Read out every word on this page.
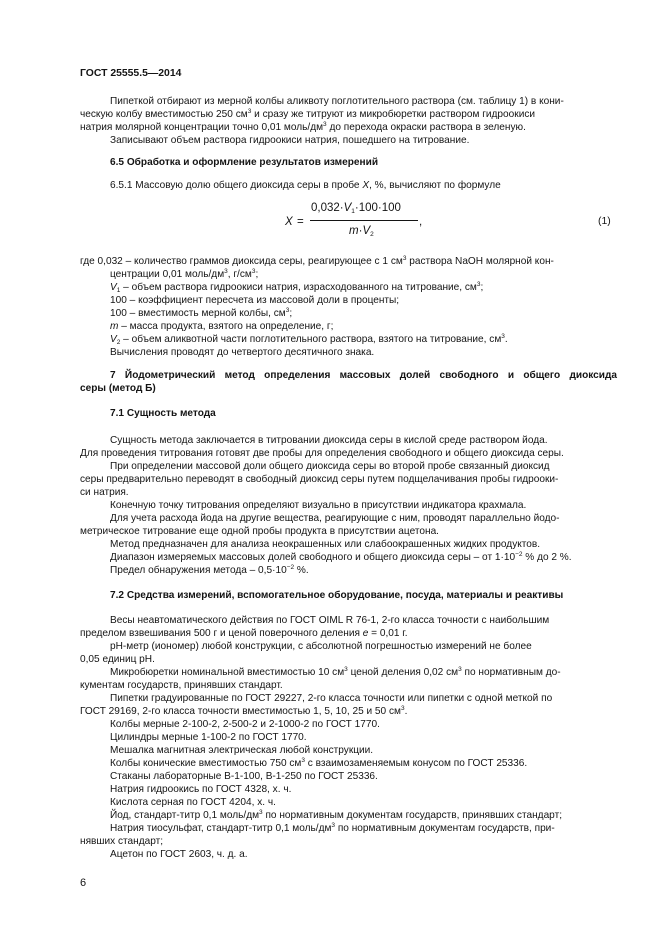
ГОСТ 25555.5—2014
Пипеткой отбирают из мерной колбы аликвоту поглотительного раствора (см. таблицу 1) в кони-
ческую колбу вместимостью 250 $см^3$ и сразу же титруют из микробюретки раствором гидроокиси
натрия молярной концентрации точно 0,01 моль/$дм^3$ до перехода окраски раствора в зеленую.
Записывают объем раствора гидроокиси натрия, пошедшего на титрование.
6.5 Обработка и оформление результатов измерений
6.5.1 Массовую долю общего диоксида серы в пробе X, %, вычисляют по формуле
X =
$0,032\cdot V_1\cdot 100\cdot 100$
$m\cdot V_2$
,	(1)
где 0,032 – количество граммов диоксида серы, реагирующее с 1 $см^3$ раствора NaOH молярной кон-
центрации 0,01 моль/$дм^3$, $г/см^3$;
$V_1$ – объем раствора гидроокиси натрия, израсходованного на титрование, $см^3$;
100 – коэффициент пересчета из массовой доли в проценты;
100 – вместимость мерной колбы, $см^3$;
m – масса продукта, взятого на определение, г;
$V_2$ – объем аликвотной части поглотительного раствора, взятого на титрование, $см^3$.
Вычисления проводят до четвертого десятичного знака.
7 Йодометрический метод определения массовых долей свободного и общего диоксида
серы (метод Б)
7.1 Сущность метода
Сущность метода заключается в титровании диоксида серы в кислой среде раствором йода.
Для проведения титрования готовят две пробы для определения свободного и общего диоксида серы.
При определении массовой доли общего диоксида серы во второй пробе связанный диоксид
серы предварительно переводят в свободный диоксид серы путем подщелачивания пробы гидрооки-
си натрия.
Конечную точку титрования определяют визуально в присутствии индикатора крахмала.
Для учета расхода йода на другие вещества, реагирующие с ним, проводят параллельно йодо-
метрическое титрование еще одной пробы продукта в присутствии ацетона.
Метод предназначен для анализа неокрашенных или слабоокрашенных жидких продуктов.
Диапазон измеряемых массовых долей свободного и общего диоксида серы – от $1\cdot 10^{-2}$ % до 2 %.
Предел обнаружения метода – $0,5\cdot 10^{-2}$ %.
7.2 Средства измерений, вспомогательное оборудование, посуда, материалы и реактивы
Весы неавтоматического действия по ГОСТ OIML R 76-1, 2-го класса точности с наибольшим
пределом взвешивания 500 г и ценой поверочного деления e = 0,01 г.
pH-метр (иономер) любой конструкции, с абсолютной погрешностью измерений не более
0,05 единиц pH.
Микробюретки номинальной вместимостью 10 $см^3$ ценой деления 0,02 $см^3$ по нормативным до-
кументам государств, принявших стандарт.
Пипетки градуированные по ГОСТ 29227, 2-го класса точности или пипетки с одной меткой по
ГОСТ 29169, 2-го класса точности вместимостью 1, 5, 10, 25 и 50 $см^3$.
Колбы мерные 2-100-2, 2-500-2 и 2-1000-2 по ГОСТ 1770.
Цилиндры мерные 1-100-2 по ГОСТ 1770.
Мешалка магнитная электрическая любой конструкции.
Колбы конические вместимостью 750 $см^3$ с взаимозаменяемым конусом по ГОСТ 25336.
Стаканы лабораторные В-1-100, В-1-250 по ГОСТ 25336.
Натрия гидроокись по ГОСТ 4328, х. ч.
Кислота серная по ГОСТ 4204, х. ч.
Йод, стандарт-титр 0,1 моль/$дм^3$ по нормативным документам государств, принявших стандарт;
Натрия тиосульфат, стандарт-титр 0,1 моль/$дм^3$ по нормативным документам государств, при-
нявших стандарт;
Ацетон по ГОСТ 2603, ч. д. а.
6
